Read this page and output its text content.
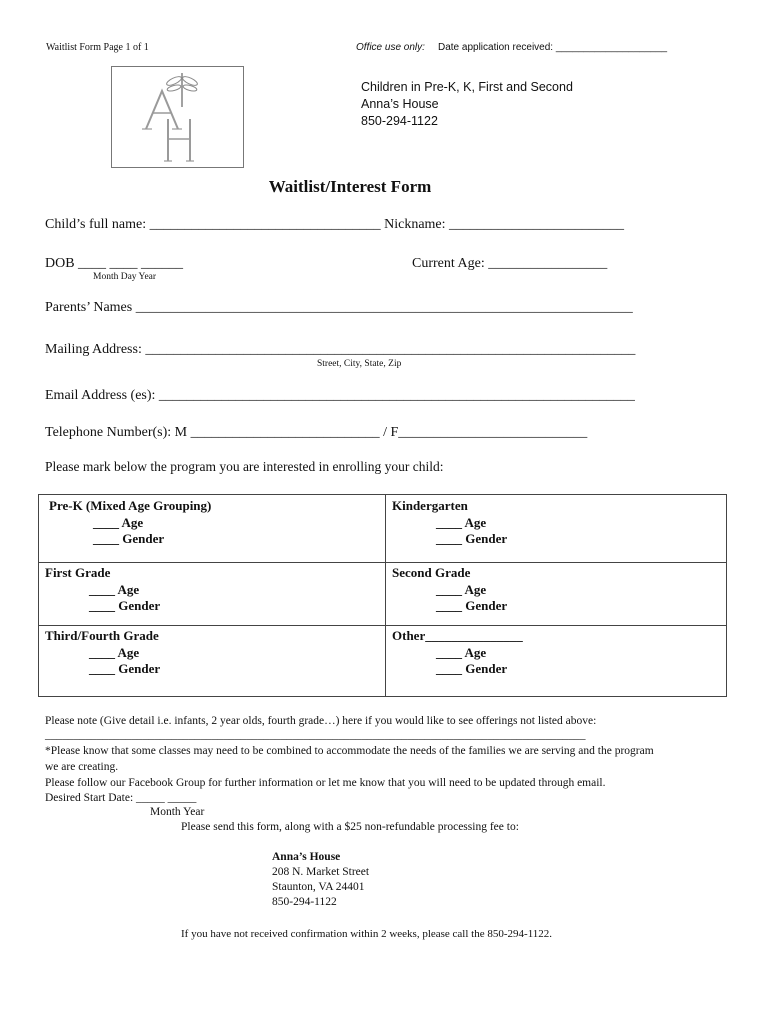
Waitlist Form Page 1 of 1	Office use only: Date application received: ____________________
Children in Pre-K, K, First and Second
Anna’s House
850-294-1122
Waitlist/Interest Form
Child’s full name: _________________________________ Nickname: _________________________
DOB ____ ____ ______
Month Day Year
Current Age: _________________
Parents’ Names _______________________________________________________________________
Mailing Address: ______________________________________________________________________
Street, City, State, Zip
Email Address (es): ____________________________________________________________________
Telephone Number(s): M ___________________________ / F___________________________
Please mark below the program you are interested in enrolling your child:
Pre-K (Mixed Age Grouping)
____ Age
____ Gender
Kindergarten
____ Age
____ Gender
First Grade
____ Age
____ Gender
Second Grade
____ Age
____ Gender
Third/Fourth Grade
____ Age
____ Gender
Other_______________
____ Age
____ Gender
Please note (Give detail i.e. infants, 2 year olds, fourth grade…) here if you would like to see offerings not listed above:
______________________________________________________________________________________________
*Please know that some classes may need to be combined to accommodate the needs of the families we are serving and the program
we are creating.
Please follow our Facebook Group for further information or let me know that you will need to be updated through email.
Desired Start Date: _____ _____
Month Year
Please send this form, along with a $25 non-refundable processing fee to:
Anna’s House
208 N. Market Street
Staunton, VA 24401
850-294-1122
If you have not received confirmation within 2 weeks, please call the 850-294-1122.
